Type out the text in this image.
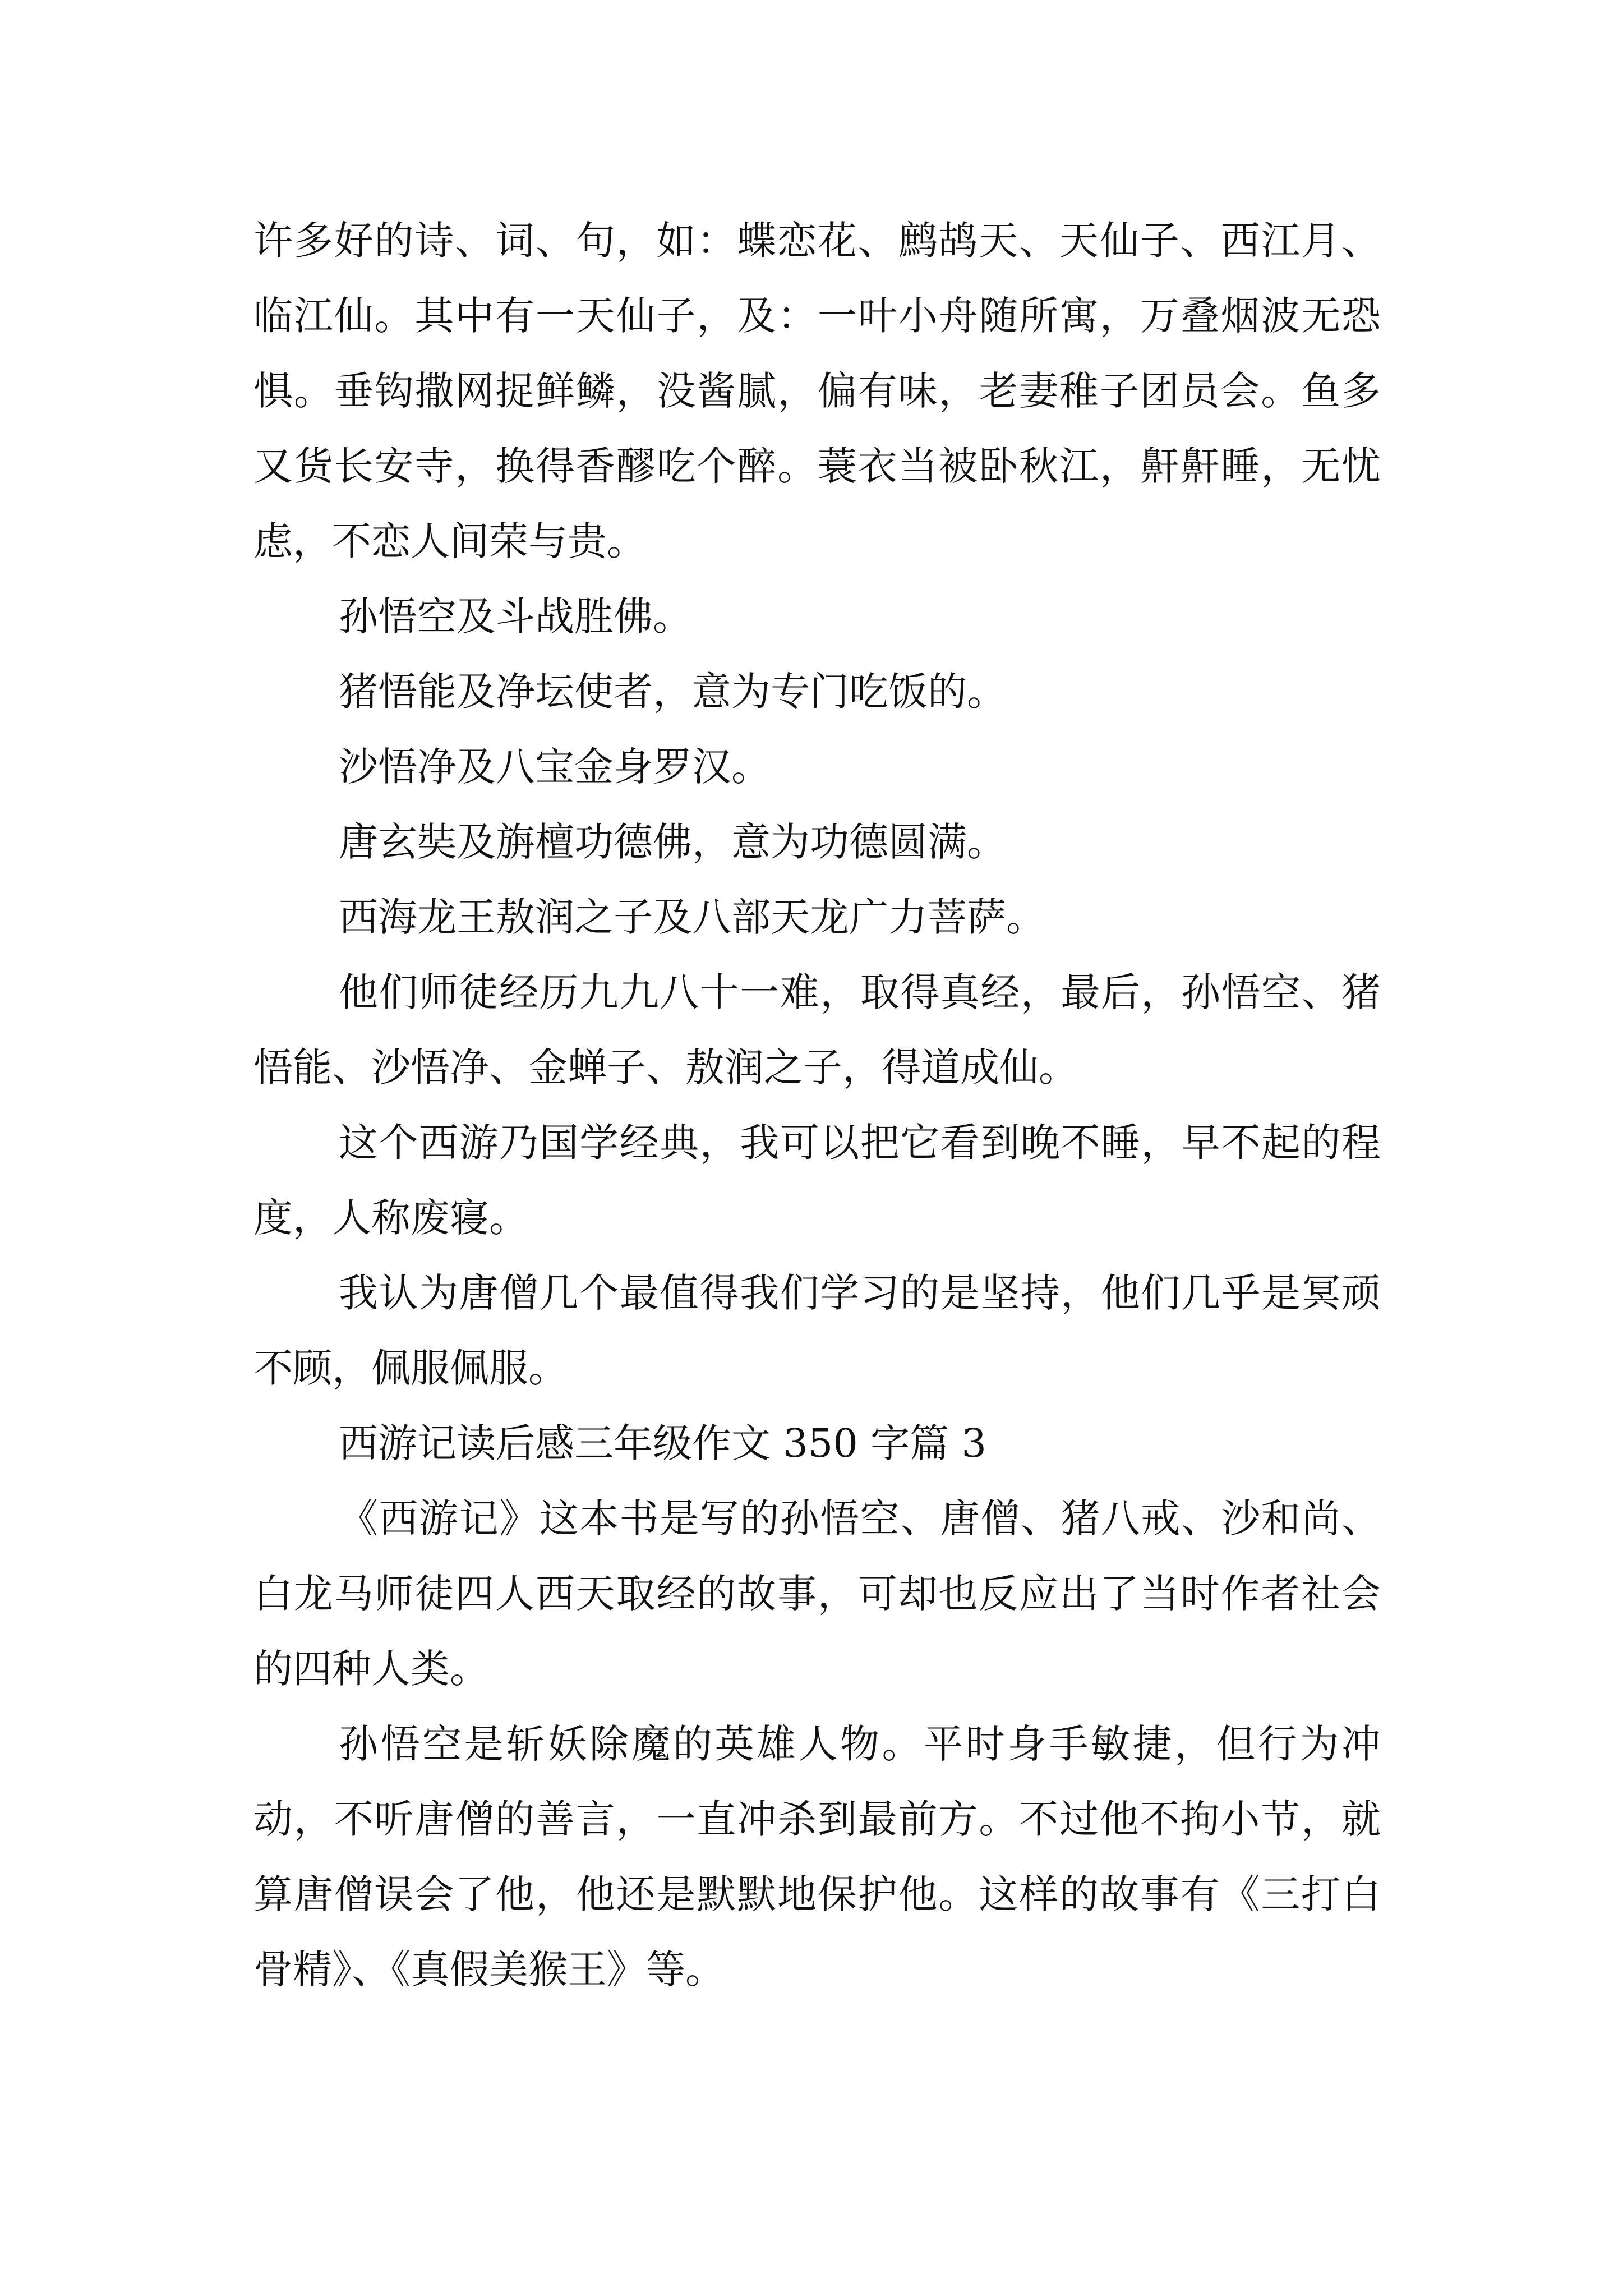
许多好的诗、词、句，如：蝶恋花、鹧鸪天、天仙子、西江月、临江仙。其中有一天仙子，及：一叶小舟随所寓，万叠烟波无恐惧。垂钩撒网捉鲜鳞，没酱腻，偏有味，老妻稚子团员会。鱼多又货长安寺，换得香醪吃个醉。蓑衣当被卧秋江，鼾鼾睡，无忧虑，不恋人间荣与贵。

孙悟空及斗战胜佛。

猪悟能及净坛使者，意为专门吃饭的。

沙悟净及八宝金身罗汉。

唐玄奘及旃檀功德佛，意为功德圆满。

西海龙王敖润之子及八部天龙广力菩萨。

他们师徒经历九九八十一难，取得真经，最后，孙悟空、猪悟能、沙悟净、金蝉子、敖润之子，得道成仙。

这个西游乃国学经典，我可以把它看到晚不睡，早不起的程度，人称废寝。

我认为唐僧几个最值得我们学习的是坚持，他们几乎是冥顽不顾，佩服佩服。

西游记读后感三年级作文 350 字篇 3

《西游记》这本书是写的孙悟空、唐僧、猪八戒、沙和尚、白龙马师徒四人西天取经的故事，可却也反应出了当时作者社会的四种人类。

孙悟空是斩妖除魔的英雄人物。平时身手敏捷，但行为冲动，不听唐僧的善言，一直冲杀到最前方。不过他不拘小节，就算唐僧误会了他，他还是默默地保护他。这样的故事有《三打白骨精》、《真假美猴王》等。
